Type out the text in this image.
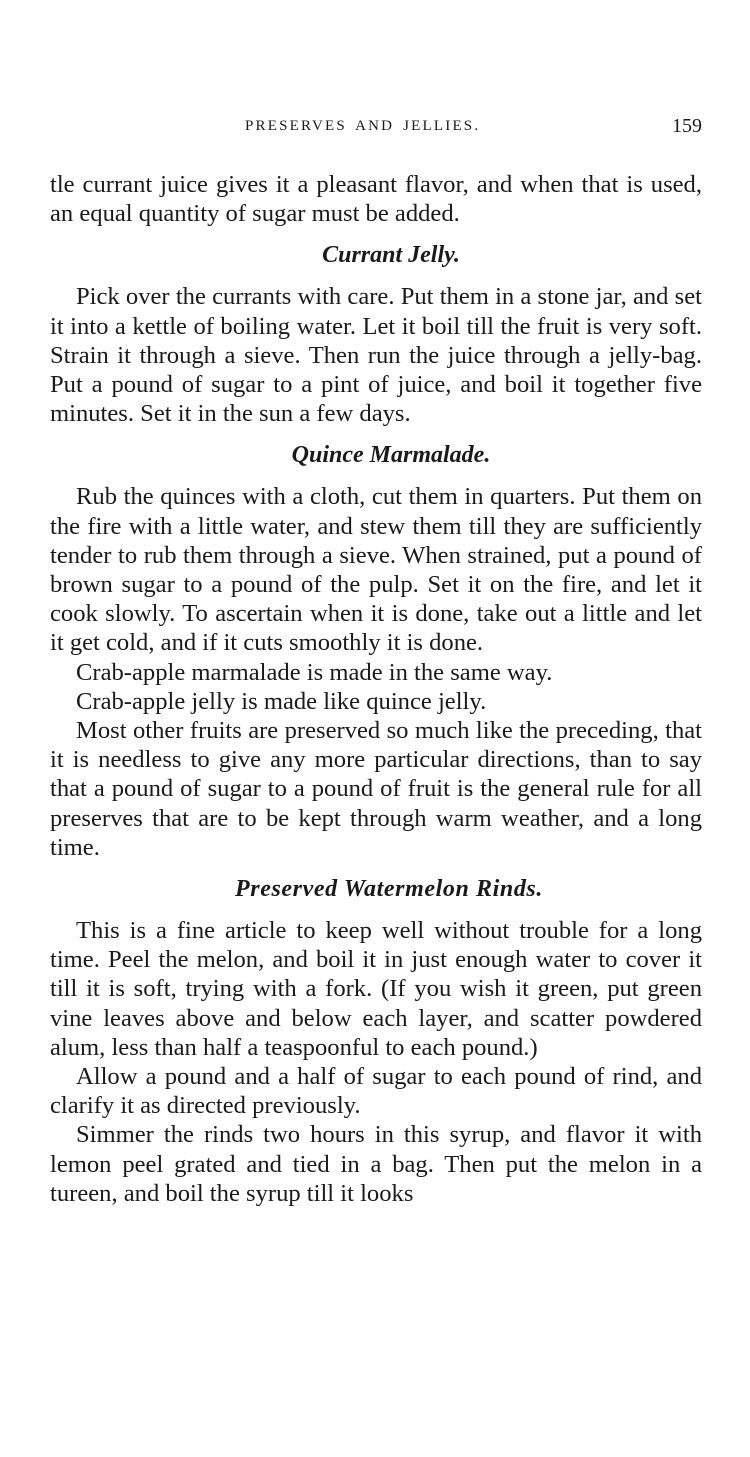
PRESERVES AND JELLIES.	159

tle currant juice gives it a pleasant flavor, and when that is used, an equal quantity of sugar must be added.

Currant Jelly.

Pick over the currants with care. Put them in a stone jar, and set it into a kettle of boiling water. Let it boil till the fruit is very soft. Strain it through a sieve. Then run the juice through a jelly-bag. Put a pound of sugar to a pint of juice, and boil it together five minutes. Set it in the sun a few days.

Quince Marmalade.

Rub the quinces with a cloth, cut them in quarters. Put them on the fire with a little water, and stew them till they are sufficiently tender to rub them through a sieve. When strained, put a pound of brown sugar to a pound of the pulp. Set it on the fire, and let it cook slowly. To ascertain when it is done, take out a little and let it get cold, and if it cuts smoothly it is done.

Crab-apple marmalade is made in the same way.

Crab-apple jelly is made like quince jelly.

Most other fruits are preserved so much like the preceding, that it is needless to give any more particular directions, than to say that a pound of sugar to a pound of fruit is the general rule for all preserves that are to be kept through warm weather, and a long time.

Preserved Watermelon Rinds.

This is a fine article to keep well without trouble for a long time. Peel the melon, and boil it in just enough water to cover it till it is soft, trying with a fork. (If you wish it green, put green vine leaves above and below each layer, and scatter powdered alum, less than half a teaspoonful to each pound.)

Allow a pound and a half of sugar to each pound of rind, and clarify it as directed previously.

Simmer the rinds two hours in this syrup, and flavor it with lemon peel grated and tied in a bag. Then put the melon in a tureen, and boil the syrup till it looks
